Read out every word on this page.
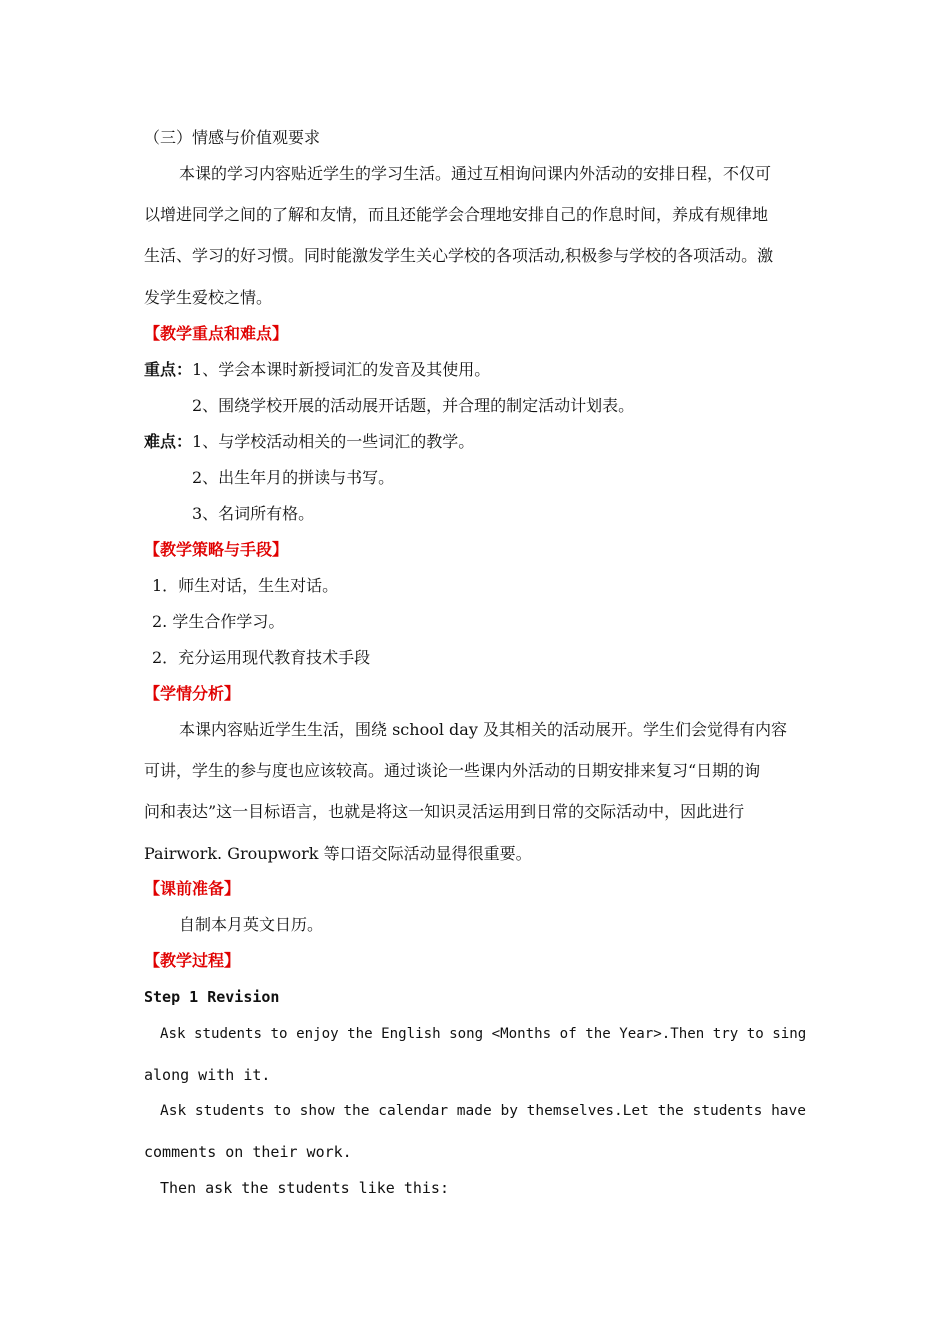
（三）情感与价值观要求
本课的学习内容贴近学生的学习生活。通过互相询问课内外活动的安排日程，不仅可
以增进同学之间的了解和友情，而且还能学会合理地安排自己的作息时间，养成有规律地
生活、学习的好习惯。同时能激发学生关心学校的各项活动,积极参与学校的各项活动。激
发学生爱校之情。
【教学重点和难点】
重点：1、学会本课时新授词汇的发音及其使用。
2、围绕学校开展的活动展开话题，并合理的制定活动计划表。
难点：1、与学校活动相关的一些词汇的教学。
2、出生年月的拼读与书写。
3、名词所有格。
【教学策略与手段】
1．师生对话，生生对话。
2. 学生合作学习。
2．充分运用现代教育技术手段
【学情分析】
本课内容贴近学生生活，围绕 school day 及其相关的活动展开。学生们会觉得有内容
可讲，学生的参与度也应该较高。通过谈论一些课内外活动的日期安排来复习“日期的询
问和表达”这一目标语言，也就是将这一知识灵活运用到日常的交际活动中，因此进行
Pairwork. Groupwork 等口语交际活动显得很重要。
【课前准备】
自制本月英文日历。
【教学过程】
Step 1 Revision
Ask students to enjoy the English song <Months of the Year>.Then try to sing
along with it.
Ask students to show the calendar made by themselves.Let the students have
comments on their work.
Then ask the students like this:
